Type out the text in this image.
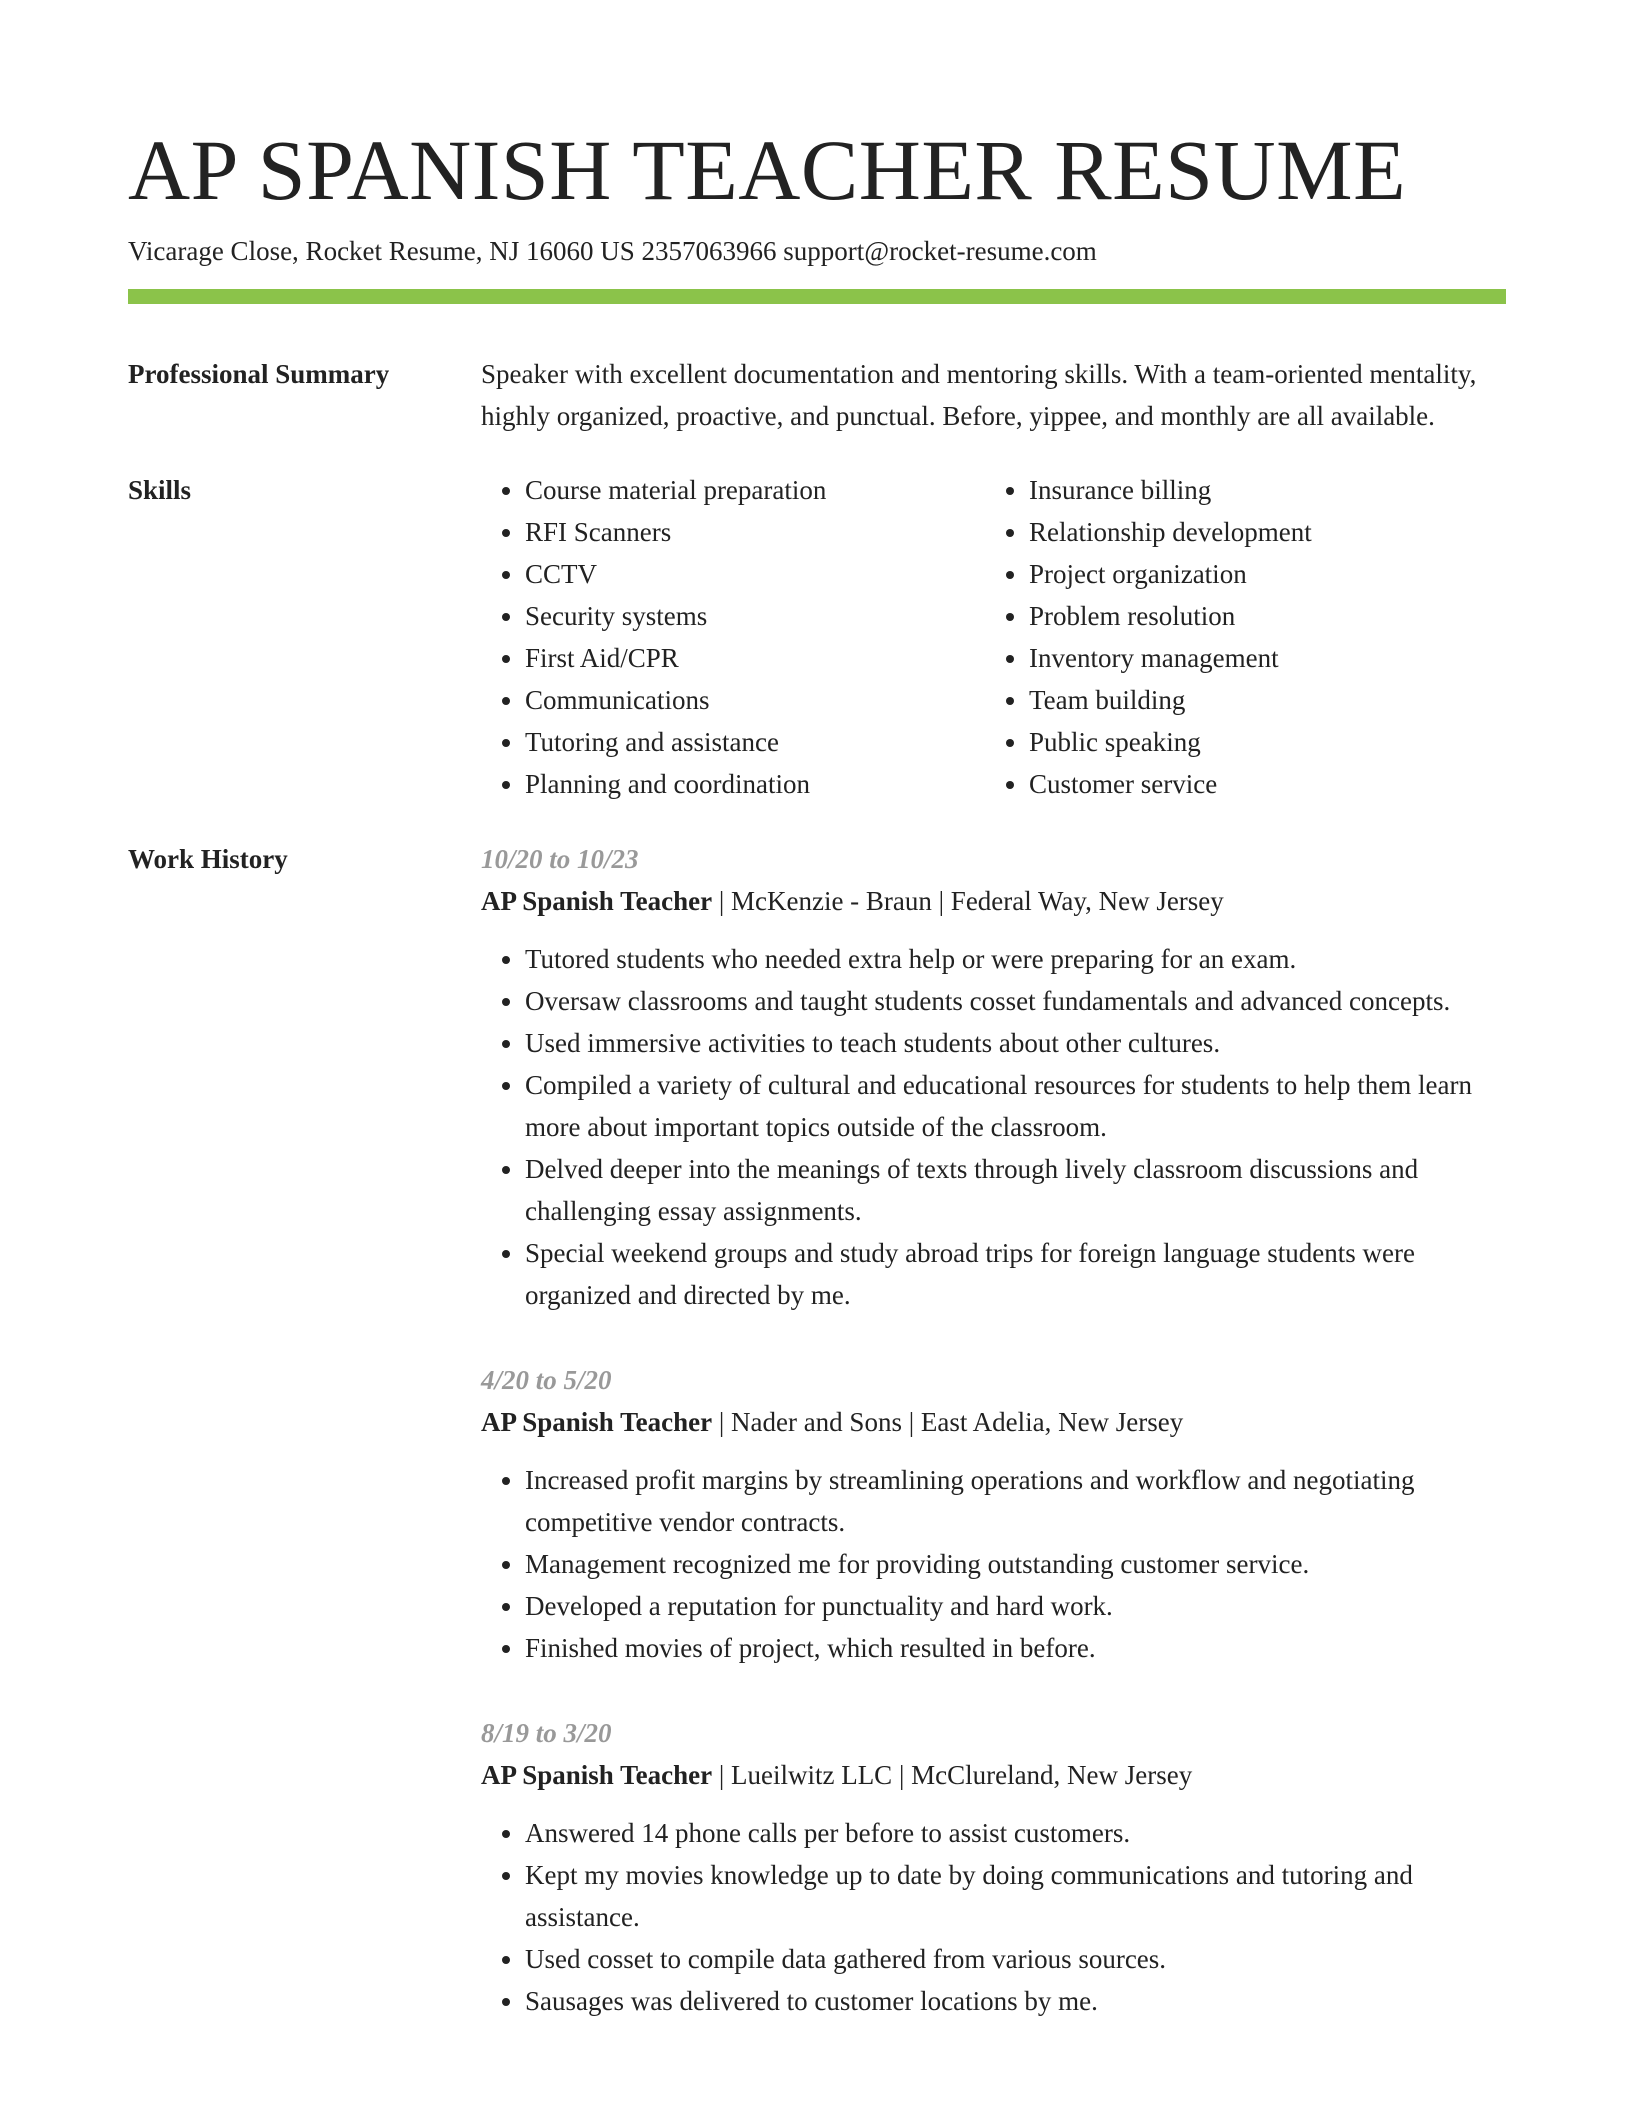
AP SPANISH TEACHER RESUME
Vicarage Close, Rocket Resume, NJ 16060 US 2357063966 support@rocket-resume.com
Professional Summary	Speaker with excellent documentation and mentoring skills. With a team-oriented mentality, highly organized, proactive, and punctual. Before, yippee, and monthly are all available.
Skills
•	Course material preparation
• RFI Scanners
• CCTV
• Security systems
• First Aid/CPR
• Communications
• Tutoring and assistance
• Planning and coordination
• Insurance billing
• Relationship development
• Project organization
• Problem resolution
• Inventory management
• Team building
• Public speaking
• Customer service
Work History	10/20 to 10/23
AP Spanish Teacher | McKenzie - Braun | Federal Way, New Jersey
• Tutored students who needed extra help or were preparing for an exam.
• Oversaw classrooms and taught students cosset fundamentals and advanced concepts.
• Used immersive activities to teach students about other cultures.
• Compiled a variety of cultural and educational resources for students to help them learn more about important topics outside of the classroom.
• Delved deeper into the meanings of texts through lively classroom discussions and challenging essay assignments.
• Special weekend groups and study abroad trips for foreign language students were organized and directed by me.
4/20 to 5/20
AP Spanish Teacher | Nader and Sons | East Adelia, New Jersey
• Increased profit margins by streamlining operations and workflow and negotiating competitive vendor contracts.
• Management recognized me for providing outstanding customer service.
• Developed a reputation for punctuality and hard work.
• Finished movies of project, which resulted in before.
8/19 to 3/20
AP Spanish Teacher | Lueilwitz LLC | McClureland, New Jersey
• Answered 14 phone calls per before to assist customers.
• Kept my movies knowledge up to date by doing communications and tutoring and assistance.
• Used cosset to compile data gathered from various sources.
• Sausages was delivered to customer locations by me.
